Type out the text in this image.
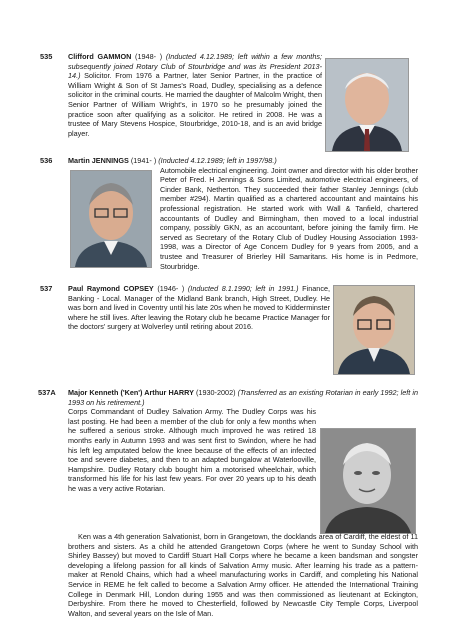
535 Clifford GAMMON (1948- ) (Inducted 4.12.1989; left within a few months; subsequently joined Rotary Club of Stourbridge and was its President 2013-14.) Solicitor. From 1976 a Partner, later Senior Partner, in the practice of William Wright & Son of St James's Road, Dudley, specialising as a defence solicitor in the criminal courts. He married the daughter of Malcolm Wright, then Senior Partner of William Wright's, in 1970 so he presumably joined the practice soon after qualifying as a solicitor. He retired in 2008. He was a trustee of Mary Stevens Hospice, Stourbridge, 2010-18, and is an avid bridge player.

536 Martin JENNINGS (1941- ) (Inducted 4.12.1989; left in 1997/98.)

Automobile electrical engineering. Joint owner and director with his older brother Peter of Fred. H Jennings & Sons Limited, automotive electrical engineers, of Cinder Bank, Netherton. They succeeded their father Stanley Jennings (club member #294). Martin qualified as a chartered accountant and maintains his professional registration. He started work with Wall & Tanfield, chartered accountants of Dudley and Birmingham, then moved to a local industrial company, possibly GKN, as an accountant, before joining the family firm. He served as Secretary of the Rotary Club of Dudley Housing Association 1993-1998, was a Director of Age Concern Dudley for 9 years from 2005, and a trustee and Treasurer of Brierley Hill Samaritans. His home is in Pedmore, Stourbridge.

537 Paul Raymond COPSEY (1946- ) (Inducted 8.1.1990; left in 1991.) Finance, Banking - Local. Manager of the Midland Bank branch, High Street, Dudley. He was born and lived in Coventry until his late 20s when he moved to Kidderminster where he still lives. After leaving the Rotary club he became Practice Manager for the doctors' surgery at Wolverley until retiring about 2016.

537A Major Kenneth ('Ken') Arthur HARRY (1930-2002) (Transferred as an existing Rotarian in early 1992; left in 1993 on his retirement.)

Corps Commandant of Dudley Salvation Army. The Dudley Corps was his last posting. He had been a member of the club for only a few months when he suffered a serious stroke. Although much improved he was retired 18 months early in Autumn 1993 and was sent first to Swindon, where he had his left leg amputated below the knee because of the effects of an infected toe and severe diabetes, and then to an adapted bungalow at Waterlooville, Hampshire. Dudley Rotary club bought him a motorised wheelchair, which transformed his life for his last few years. For over 20 years up to his death he was a very active Rotarian.

Ken was a 4th generation Salvationist, born in Grangetown, the docklands area of Cardiff, the eldest of 11 brothers and sisters. As a child he attended Grangetown Corps (where he went to Sunday School with Shirley Bassey) but moved to Cardiff Stuart Hall Corps where he became a keen bandsman and songster developing a lifelong passion for all kinds of Salvation Army music. After learning his trade as a pattern-maker at Renold Chains, which had a wheel manufacturing works in Cardiff, and completing his National Service in REME he felt called to become a Salvation Army officer. He attended the International Training College in Denmark Hill, London during 1955 and was then commissioned as lieutenant at Eckington, Derbyshire. From there he moved to Chesterfield, followed by Newcastle City Temple Corps, Liverpool Walton, and several years on the Isle of Man.
